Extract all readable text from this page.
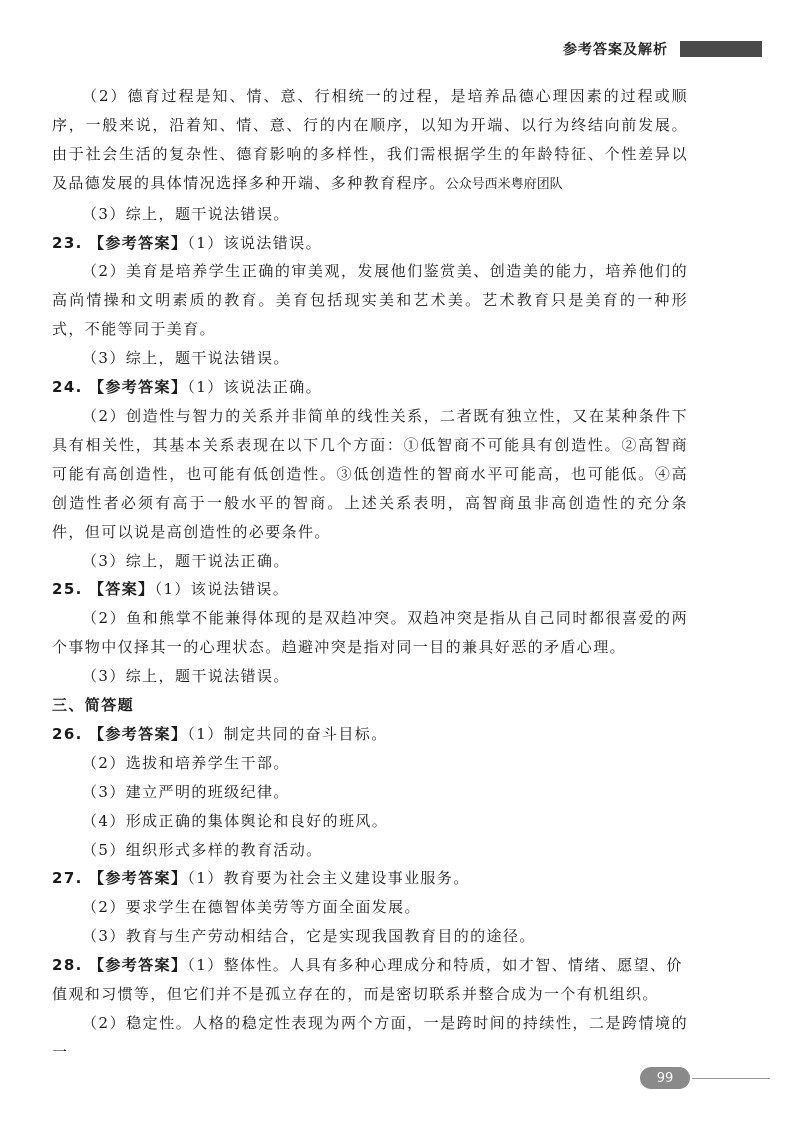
参考答案及解析

（2）德育过程是知、情、意、行相统一的过程，是培养品德心理因素的过程或顺序，一般来说，沿着知、情、意、行的内在顺序，以知为开端、以行为终结向前发展。由于社会生活的复杂性、德育影响的多样性，我们需根据学生的年龄特征、个性差异以及品德发展的具体情况选择多种开端、多种教育程序。公众号西米粤府团队

（3）综上，题干说法错误。

23. 【参考答案】（1）该说法错误。

（2）美育是培养学生正确的审美观，发展他们鉴赏美、创造美的能力，培养他们的高尚情操和文明素质的教育。美育包括现实美和艺术美。艺术教育只是美育的一种形式，不能等同于美育。

（3）综上，题干说法错误。

24. 【参考答案】（1）该说法正确。

（2）创造性与智力的关系并非简单的线性关系，二者既有独立性，又在某种条件下具有相关性，其基本关系表现在以下几个方面：①低智商不可能具有创造性。②高智商可能有高创造性，也可能有低创造性。③低创造性的智商水平可能高，也可能低。④高创造性者必须有高于一般水平的智商。上述关系表明，高智商虽非高创造性的充分条件，但可以说是高创造性的必要条件。

（3）综上，题干说法正确。

25. 【答案】（1）该说法错误。

（2）鱼和熊掌不能兼得体现的是双趋冲突。双趋冲突是指从自己同时都很喜爱的两个事物中仅择其一的心理状态。趋避冲突是指对同一目的兼具好恶的矛盾心理。

（3）综上，题干说法错误。

三、简答题

26. 【参考答案】（1）制定共同的奋斗目标。

（2）选拔和培养学生干部。

（3）建立严明的班级纪律。

（4）形成正确的集体舆论和良好的班风。

（5）组织形式多样的教育活动。

27. 【参考答案】（1）教育要为社会主义建设事业服务。

（2）要求学生在德智体美劳等方面全面发展。

（3）教育与生产劳动相结合，它是实现我国教育目的的途径。

28. 【参考答案】（1）整体性。人具有多种心理成分和特质，如才智、情绪、愿望、价值观和习惯等，但它们并不是孤立存在的，而是密切联系并整合成为一个有机组织。

（2）稳定性。人格的稳定性表现为两个方面，一是跨时间的持续性，二是跨情境的一

99
